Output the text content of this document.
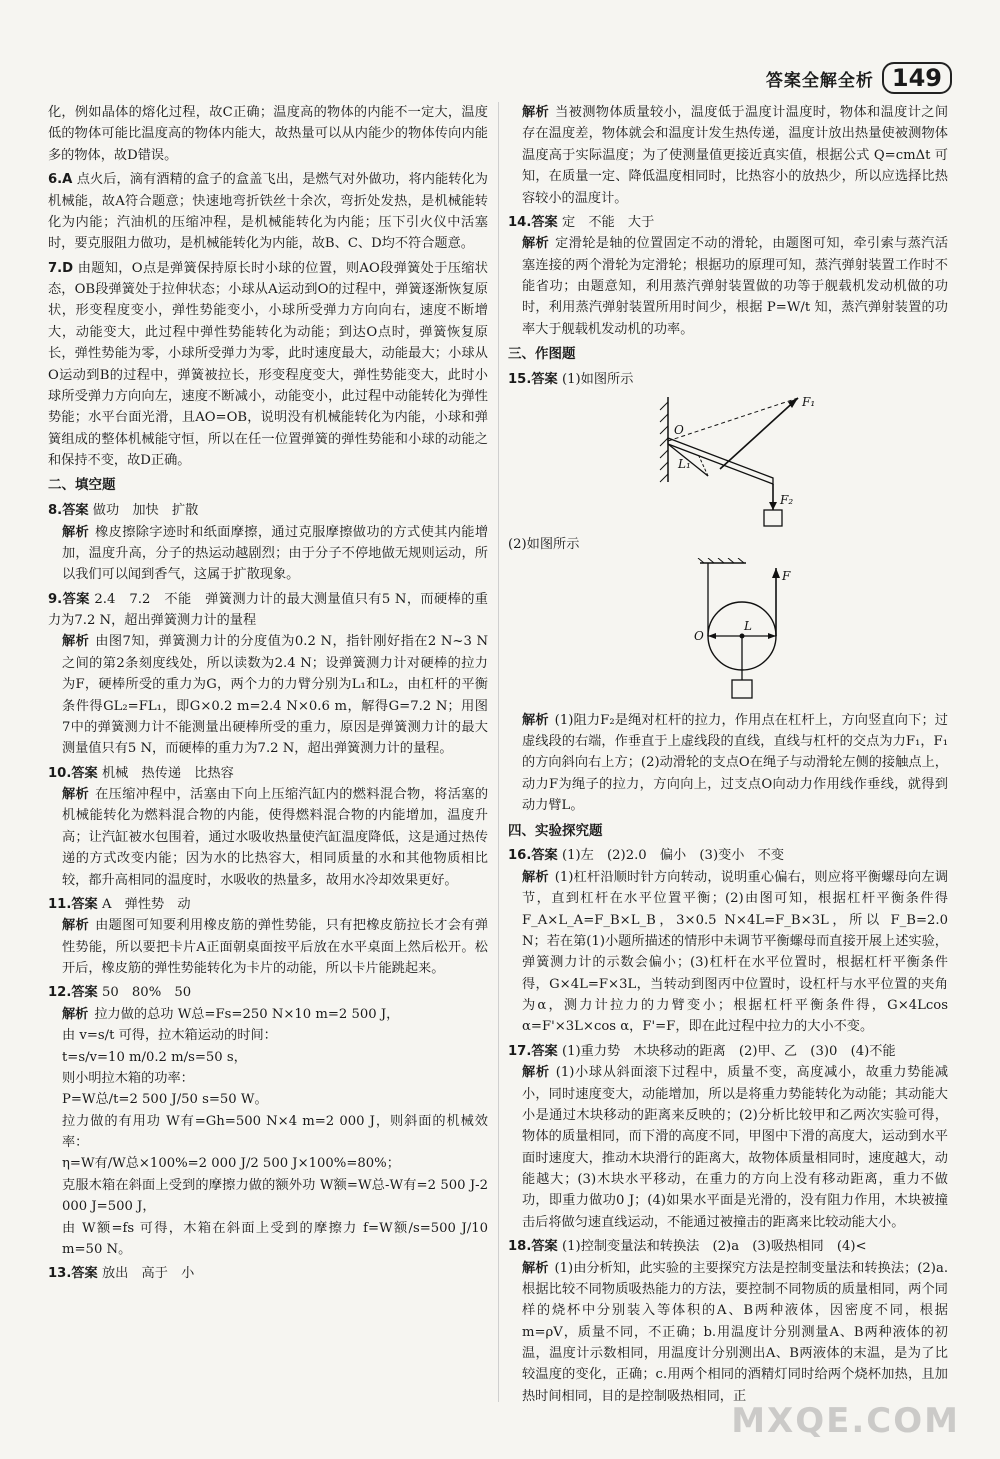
答案全解全析 149

化，例如晶体的熔化过程，故C正确；温度高的物体的内能不一定大，温度低的物体可能比温度高的物体内能大，故热量可以从内能少的物体传向内能多的物体，故D错误。

6.A 点火后，滴有酒精的盒子的盒盖飞出，是燃气对外做功，将内能转化为机械能，故A符合题意；快速地弯折铁丝十余次，弯折处发热，是机械能转化为内能；汽油机的压缩冲程，是机械能转化为内能；压下引火仪中活塞时，要克服阻力做功，是机械能转化为内能，故B、C、D均不符合题意。

7.D 由题知，O点是弹簧保持原长时小球的位置，则AO段弹簧处于压缩状态，OB段弹簧处于拉伸状态；小球从A运动到O的过程中，弹簧逐渐恢复原状，形变程度变小，弹性势能变小，小球所受弹力方向向右，速度不断增大，动能变大，此过程中弹性势能转化为动能；到达O点时，弹簧恢复原长，弹性势能为零，小球所受弹力为零，此时速度最大，动能最大；小球从O运动到B的过程中，弹簧被拉长，形变程度变大，弹性势能变大，此时小球所受弹力方向向左，速度不断减小，动能变小，此过程中动能转化为弹性势能；水平台面光滑，且AO=OB，说明没有机械能转化为内能，小球和弹簧组成的整体机械能守恒，所以在任一位置弹簧的弹性势能和小球的动能之和保持不变，故D正确。

二、填空题

8.答案 做功　加快　扩散

解析 橡皮擦除字迹时和纸面摩擦，通过克服摩擦做功的方式使其内能增加，温度升高，分子的热运动越剧烈；由于分子不停地做无规则运动，所以我们可以闻到香气，这属于扩散现象。

9.答案 2.4　7.2　不能　弹簧测力计的最大测量值只有5 N，而硬棒的重力为7.2 N，超出弹簧测力计的量程

解析 由图7知，弹簧测力计的分度值为0.2 N，指针刚好指在2 N~3 N之间的第2条刻度线处，所以读数为2.4 N；设弹簧测力计对硬棒的拉力为F，硬棒所受的重力为G，两个力的力臂分别为L₁和L₂，由杠杆的平衡条件得GL₂=FL₁，即G×0.2 m=2.4 N×0.6 m，解得G=7.2 N；用图7中的弹簧测力计不能测量出硬棒所受的重力，原因是弹簧测力计的最大测量值只有5 N，而硬棒的重力为7.2 N，超出弹簧测力计的量程。

10.答案 机械　热传递　比热容

解析 在压缩冲程中，活塞由下向上压缩汽缸内的燃料混合物，将活塞的机械能转化为燃料混合物的内能，使得燃料混合物的内能增加，温度升高；让汽缸被水包围着，通过水吸收热量使汽缸温度降低，这是通过热传递的方式改变内能；因为水的比热容大，相同质量的水和其他物质相比较，都升高相同的温度时，水吸收的热量多，故用水冷却效果更好。

11.答案 A　弹性势　动

解析 由题图可知要利用橡皮筋的弹性势能，只有把橡皮筋拉长才会有弹性势能，所以要把卡片A正面朝桌面按平后放在水平桌面上然后松开。松开后，橡皮筋的弹性势能转化为卡片的动能，所以卡片能跳起来。

12.答案 50　80%　50

解析 拉力做的总功 W总=Fs=250 N×10 m=2 500 J，

由 v=s/t 可得，拉木箱运动的时间：

t=s/v=10 m/0.2 m/s=50 s，

则小明拉木箱的功率：

P=W总/t=2 500 J/50 s=50 W。

拉力做的有用功 W有=Gh=500 N×4 m=2 000 J，则斜面的机械效率：

η=W有/W总×100%=2 000 J/2 500 J×100%=80%；

克服木箱在斜面上受到的摩擦力做的额外功 W额=W总-W有=2 500 J-2 000 J=500 J，

由 W额=fs 可得，木箱在斜面上受到的摩擦力 f=W额/s=500 J/10 m=50 N。

13.答案 放出　高于　小

解析 当被测物体质量较小，温度低于温度计温度时，物体和温度计之间存在温度差，物体就会和温度计发生热传递，温度计放出热量使被测物体温度高于实际温度；为了使测量值更接近真实值，根据公式 Q=cmΔt 可知，在质量一定、降低温度相同时，比热容小的放热少，所以应选择比热容较小的温度计。

14.答案 定　不能　大于

解析 定滑轮是轴的位置固定不动的滑轮，由题图可知，牵引索与蒸汽活塞连接的两个滑轮为定滑轮；根据功的原理可知，蒸汽弹射装置工作时不能省功；由题意知，利用蒸汽弹射装置做的功等于舰载机发动机做的功时，利用蒸汽弹射装置所用时间少，根据 P=W/t 知，蒸汽弹射装置的功率大于舰载机发动机的功率。

三、作图题

15.答案 (1)如图所示

O
F₁
F₂
L₁

(2)如图所示

O
L
F

解析 (1)阻力F₂是绳对杠杆的拉力，作用点在杠杆上，方向竖直向下；过虚线段的右端，作垂直于上虚线段的直线，直线与杠杆的交点为力F₁，F₁的方向斜向右上方；(2)动滑轮的支点O在绳子与动滑轮左侧的接触点上，动力F为绳子的拉力，方向向上，过支点O向动力作用线作垂线，就得到动力臂L。

四、实验探究题

16.答案 (1)左　(2)2.0　偏小　(3)变小　不变

解析 (1)杠杆沿顺时针方向转动，说明重心偏右，则应将平衡螺母向左调节，直到杠杆在水平位置平衡；(2)由图可知，根据杠杆平衡条件得 F_A×L_A=F_B×L_B，3×0.5 N×4L=F_B×3L，所以 F_B=2.0 N；若在第(1)小题所描述的情形中未调节平衡螺母而直接开展上述实验，弹簧测力计的示数会偏小；(3)杠杆在水平位置时，根据杠杆平衡条件得，G×4L=F×3L，当转动到图丙中位置时，设杠杆与水平位置的夹角为α，测力计拉力的力臂变小；根据杠杆平衡条件得，G×4Lcos α=F'×3L×cos α，F'=F，即在此过程中拉力的大小不变。

17.答案 (1)重力势　木块移动的距离　(2)甲、乙　(3)0　(4)不能

解析 (1)小球从斜面滚下过程中，质量不变，高度减小，故重力势能减小，同时速度变大，动能增加，所以是将重力势能转化为动能；其动能大小是通过木块移动的距离来反映的；(2)分析比较甲和乙两次实验可得，物体的质量相同，而下滑的高度不同，甲图中下滑的高度大，运动到水平面时速度大，推动木块滑行的距离大，故物体质量相同时，速度越大，动能越大；(3)木块水平移动，在重力的方向上没有移动距离，重力不做功，即重力做功0 J；(4)如果水平面是光滑的，没有阻力作用，木块被撞击后将做匀速直线运动，不能通过被撞击的距离来比较动能大小。

18.答案 (1)控制变量法和转换法　(2)a　(3)吸热相同　(4)<

解析 (1)由分析知，此实验的主要探究方法是控制变量法和转换法；(2)a.根据比较不同物质吸热能力的方法，要控制不同物质的质量相同，两个同样的烧杯中分别装入等体积的A、B两种液体，因密度不同，根据 m=ρV，质量不同，不正确；b.用温度计分别测量A、B两种液体的初温，温度计示数相同，用温度计分别测出A、B两液体的末温，是为了比较温度的变化，正确；c.用两个相同的酒精灯同时给两个烧杯加热，且加热时间相同，目的是控制吸热相同，正

MXQE.COM
